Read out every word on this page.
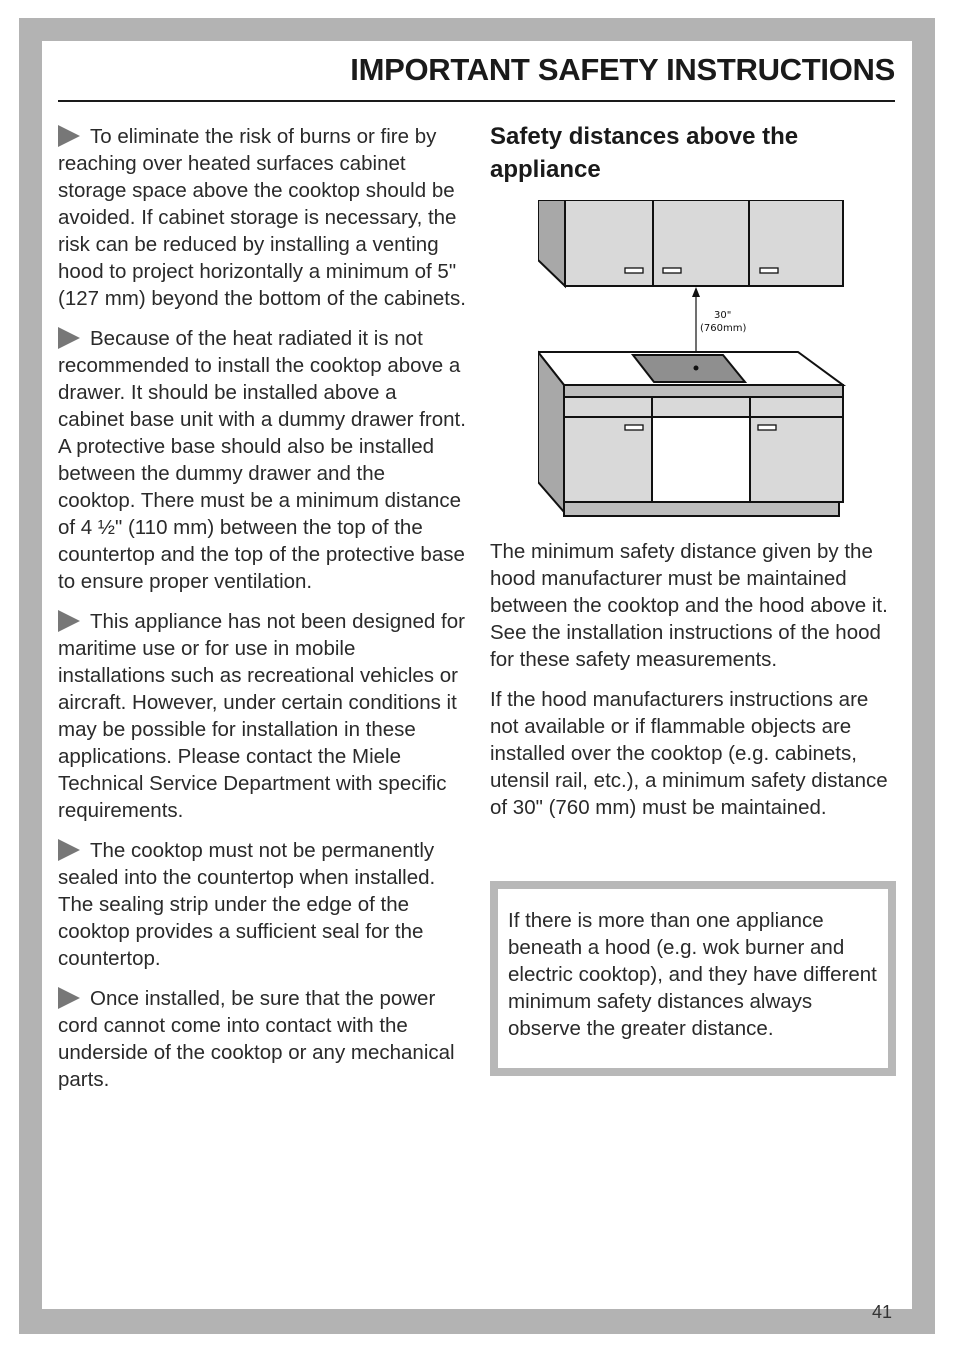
IMPORTANT SAFETY INSTRUCTIONS

To eliminate the risk of burns or fire by reaching over heated surfaces cabinet storage space above the cooktop should be avoided. If cabinet storage is necessary, the risk can be reduced by installing a venting hood to project horizontally a minimum of 5" (127 mm) beyond the bottom of the cabinets.

Because of the heat radiated it is not recommended to install the cooktop above a drawer. It should be installed above a cabinet base unit with a dummy drawer front. A protective base should also be installed between the dummy drawer and the cooktop. There must be a minimum distance of 4 ½" (110 mm) between the top of the countertop and the top of the protective base to ensure proper ventilation.

This appliance has not been designed for maritime use or for use in mobile installations such as recreational vehicles or aircraft. However, under certain conditions it may be possible for installation in these applications. Please contact the Miele Technical Service Department with specific requirements.

The cooktop must not be permanently sealed into the countertop when installed. The sealing strip under the edge of the cooktop provides a sufficient seal for the countertop.

Once installed, be sure that the power cord cannot come into contact with the underside of the cooktop or any mechanical parts.

Safety distances above the appliance
30"
(760mm)

The minimum safety distance given by the hood manufacturer must be maintained between the cooktop and the hood above it. See the installation instructions of the hood for these safety measurements.

If the hood manufacturers instructions are not available or if flammable objects are installed over the cooktop (e.g. cabinets, utensil rail, etc.), a minimum safety distance of 30" (760 mm) must be maintained.

If there is more than one appliance beneath a hood (e.g. wok burner and electric cooktop), and they have different minimum safety distances always observe the greater distance.

41
